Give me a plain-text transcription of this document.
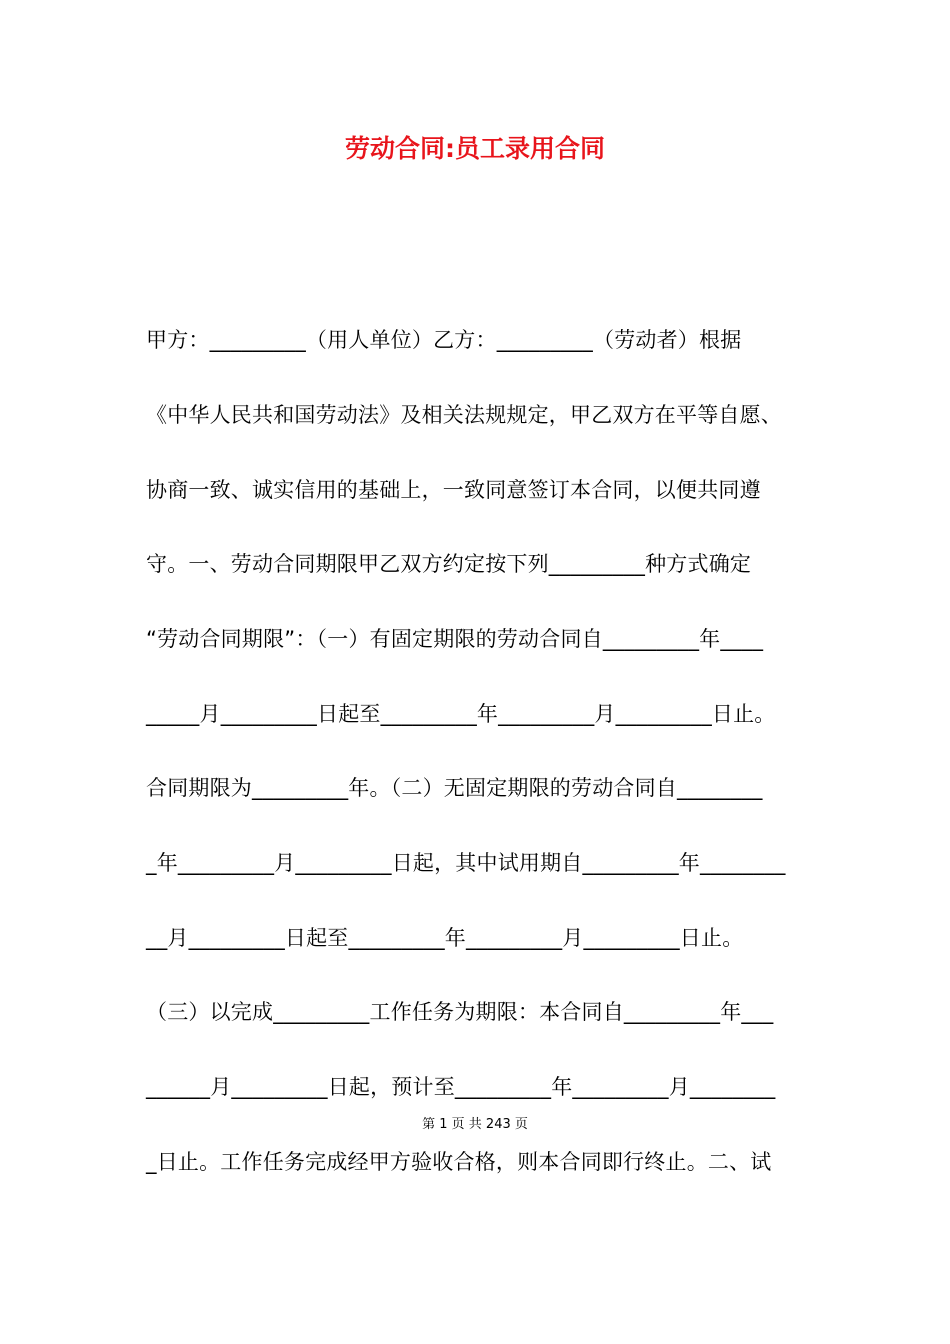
劳动合同:员工录用合同
甲方：_________（用人单位）乙方：_________（劳动者）根据
《中华人民共和国劳动法》及相关法规规定，甲乙双方在平等自愿、
协商一致、诚实信用的基础上，一致同意签订本合同，以便共同遵
守。一、劳动合同期限甲乙双方约定按下列_________种方式确定
“劳动合同期限”：（一）有固定期限的劳动合同自_________年____
_____月_________日起至_________年_________月_________日止。
合同期限为_________年。（二）无固定期限的劳动合同自________
_年_________月_________日起，其中试用期自_________年________
__月_________日起至_________年_________月_________日止。
（三）以完成_________工作任务为期限：本合同自_________年___
______月_________日起，预计至_________年_________月________
_日止。工作任务完成经甲方验收合格，则本合同即行终止。二、试
第 1 页 共 243 页
